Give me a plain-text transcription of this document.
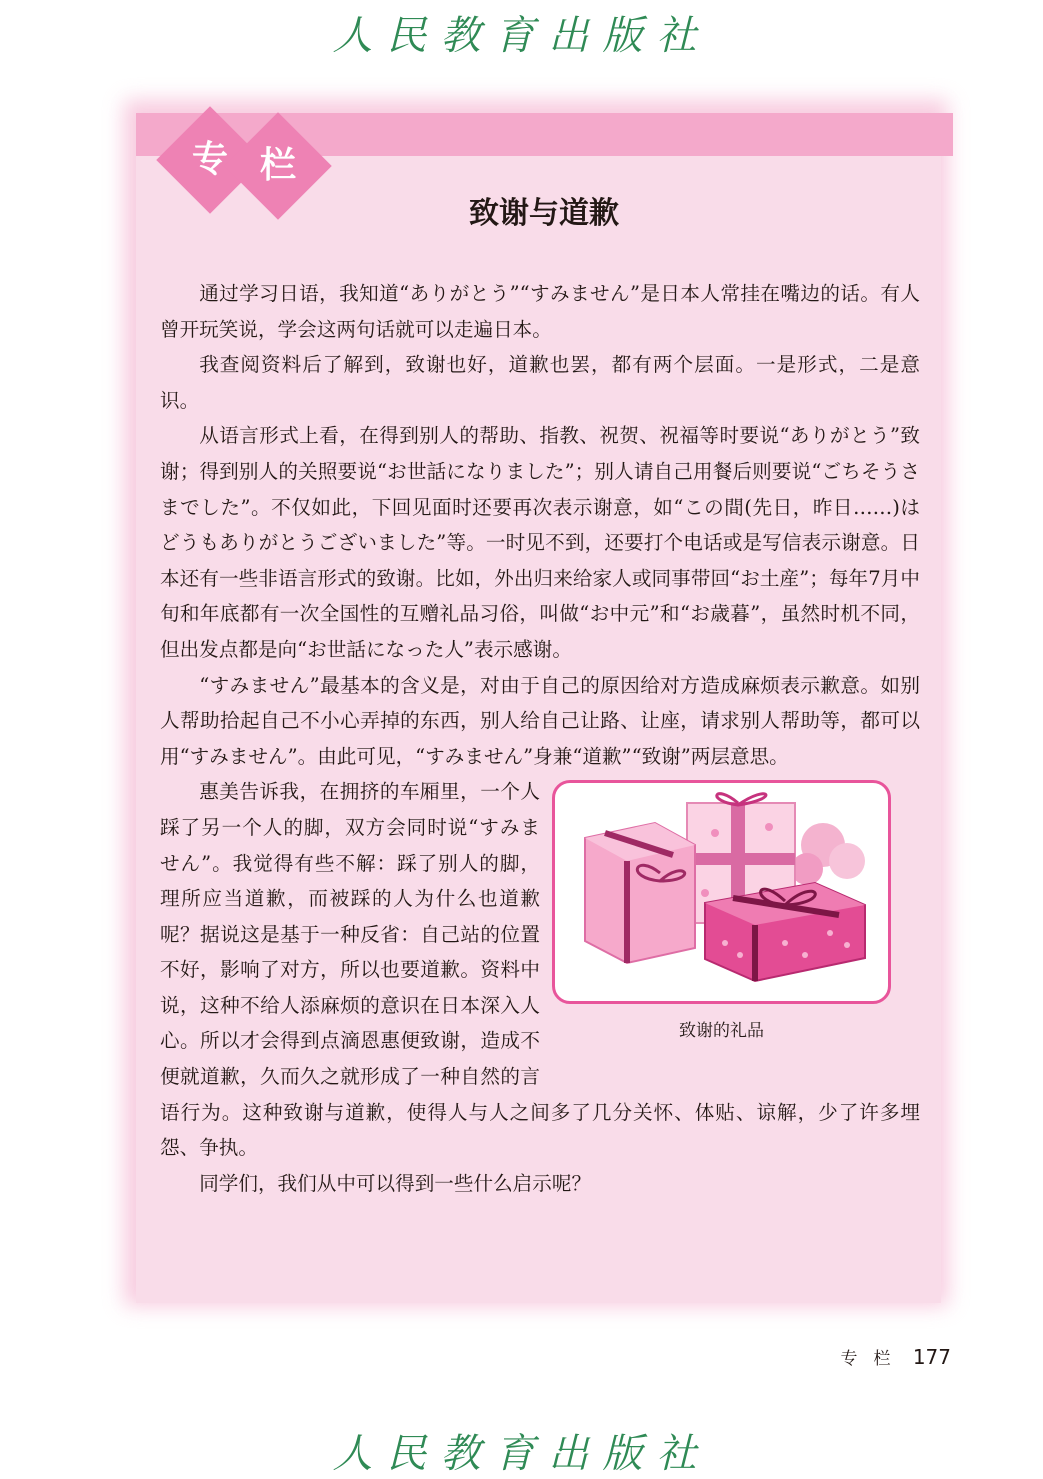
人民教育出版社
专 栏
致谢与道歉

通过学习日语，我知道“ありがとう”“すみません”是日本人常挂在嘴边的话。有人曾开玩笑说，学会这两句话就可以走遍日本。

我查阅资料后了解到，致谢也好，道歉也罢，都有两个层面。一是形式，二是意识。

从语言形式上看，在得到别人的帮助、指教、祝贺、祝福等时要说“ありがとう”致谢；得到别人的关照要说“お世話になりました”；别人请自己用餐后则要说“ごちそうさまでした”。不仅如此，下回见面时还要再次表示谢意，如“この間(先日，昨日……)はどうもありがとうございました”等。一时见不到，还要打个电话或是写信表示谢意。日本还有一些非语言形式的致谢。比如，外出归来给家人或同事带回“お土産”；每年7月中旬和年底都有一次全国性的互赠礼品习俗，叫做“お中元”和“お歳暮”，虽然时机不同，但出发点都是向“お世話になった人”表示感谢。

“すみません”最基本的含义是，对由于自己的原因给对方造成麻烦表示歉意。如别人帮助拾起自己不小心弄掉的东西，别人给自己让路、让座，请求别人帮助等，都可以用“すみません”。由此可见，“すみません”身兼“道歉”“致谢”两层意思。

致谢的礼品

惠美告诉我，在拥挤的车厢里，一个人踩了另一个人的脚，双方会同时说“すみません”。我觉得有些不解：踩了别人的脚，理所应当道歉，而被踩的人为什么也道歉呢？据说这是基于一种反省：自己站的位置不好，影响了对方，所以也要道歉。资料中说，这种不给人添麻烦的意识在日本深入人心。所以才会得到点滴恩惠便致谢，造成不便就道歉，久而久之就形成了一种自然的言语行为。这种致谢与道歉，使得人与人之间多了几分关怀、体贴、谅解，少了许多埋怨、争执。

同学们，我们从中可以得到一些什么启示呢？

专栏 177
人民教育出版社
